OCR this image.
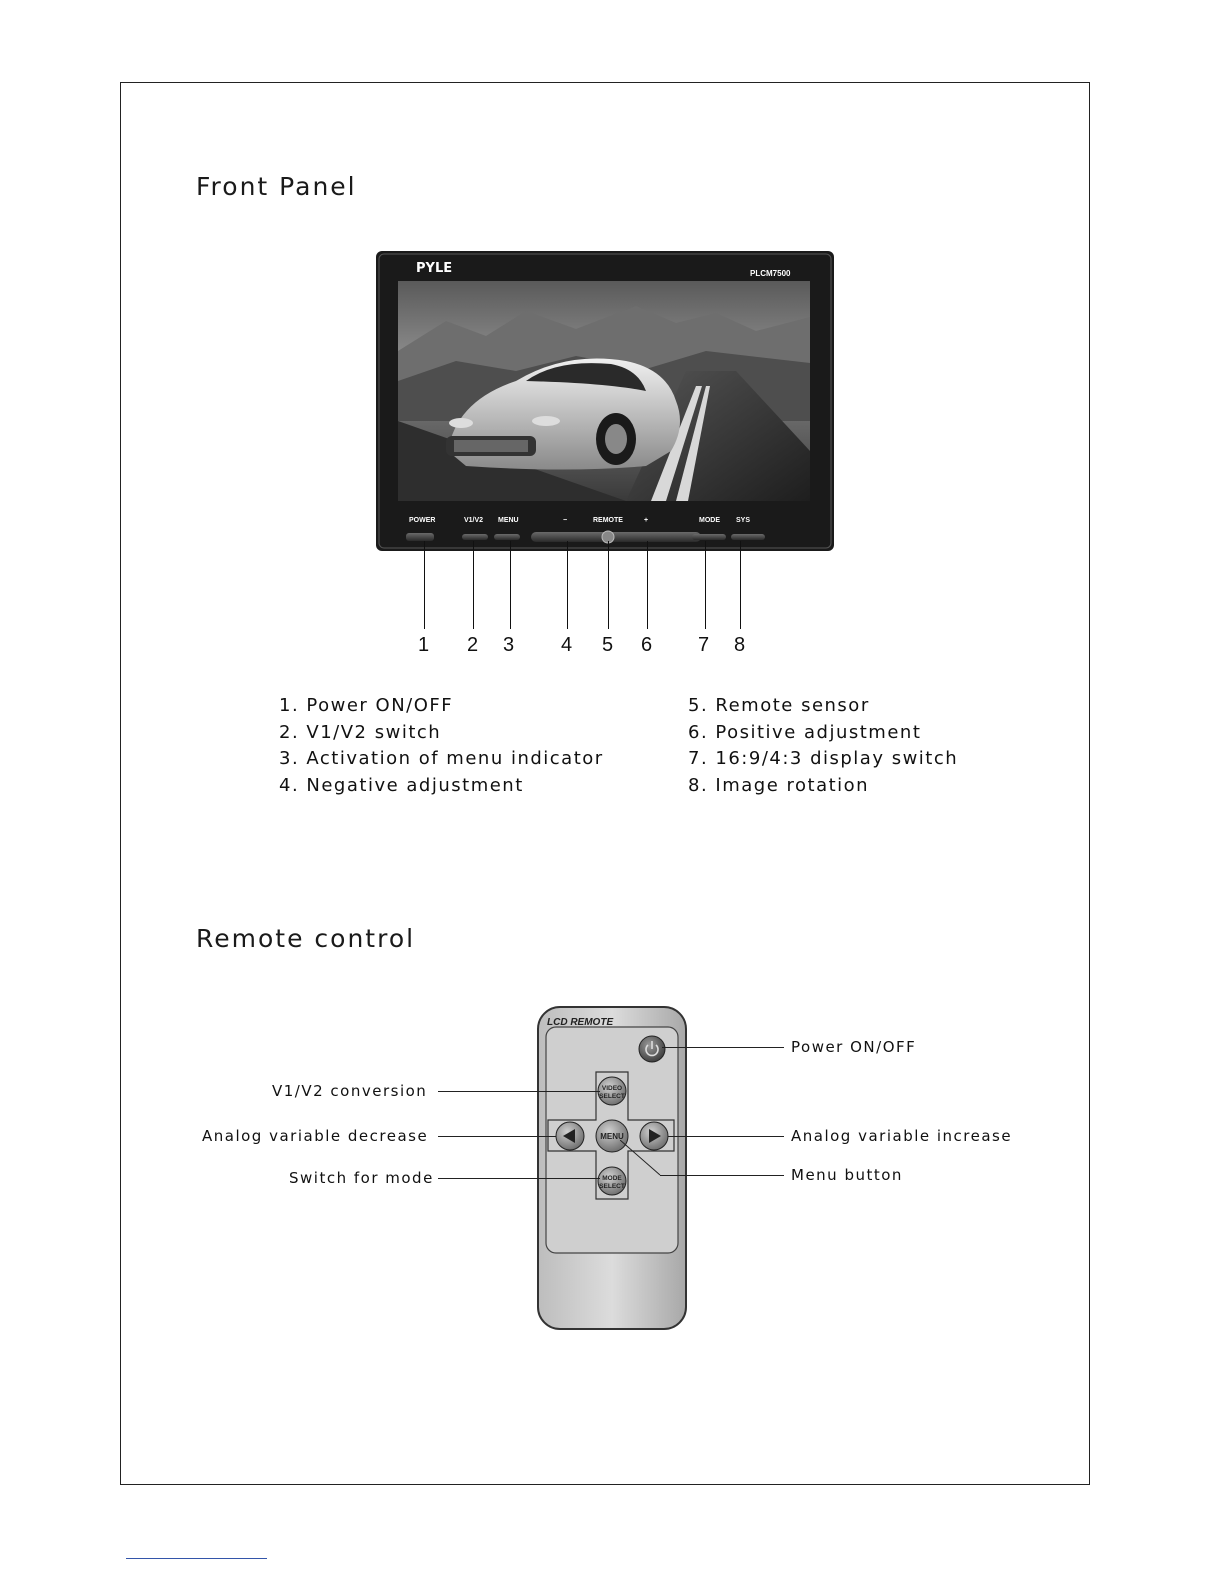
Front Panel
PYLE	PLCM7500
POWER	V1/V2 MENU	−	REMOTE	+	MODE SYS
1 2 3 4 5 6 7 8
1. Power ON/OFF
2. V1/V2 switch
3. Activation of menu indicator
4. Negative adjustment
5. Remote sensor
6. Positive adjustment
7. 16:9/4:3 display switch
8. Image rotation
Remote control
LCD REMOTE
VIDEO
SELECT
MENU
MODE
SELECT
Power ON/OFF
V1/V2 conversion
Analog variable decrease	Analog variable increase
Switch for mode	Menu button
